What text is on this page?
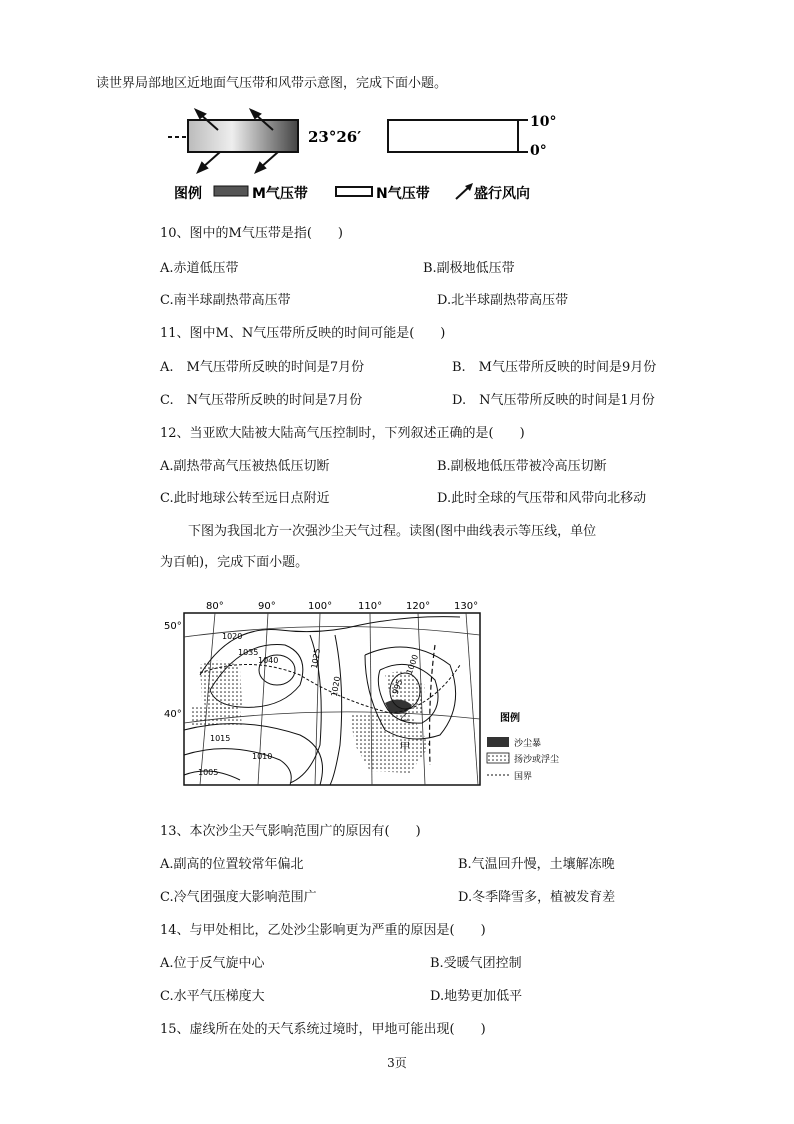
读世界局部地区近地面气压带和风带示意图，完成下面小题。
23°26′
10°
0°
图例	M气压带	N气压带	盛行风向
10、图中的M气压带是指(　　)
A.赤道低压带	B.副极地低压带
C.南半球副热带高压带	D.北半球副热带高压带
11、图中M、N气压带所反映的时间可能是(　　)
A.　M气压带所反映的时间是7月份	B.　M气压带所反映的时间是9月份
C.　N气压带所反映的时间是7月份	D.　N气压带所反映的时间是1月份
12、当亚欧大陆被大陆高气压控制时，下列叙述正确的是(　　)
A.副热带高气压被热低压切断	B.副极地低压带被冷高压切断
C.此时地球公转至远日点附近	D.此时全球的气压带和风带向北移动
下图为我国北方一次强沙尘天气过程。读图(图中曲线表示等压线，单位
为百帕)，完成下面小题。
80°	90°	100°	110° 120° 130°
50°
40°
1020
1035
1040	1025
1020
1000
995
1015
1010
1005
甲
乙	图例
沙尘暴
扬沙或浮尘
国界
13、本次沙尘天气影响范围广的原因有(　　)
A.副高的位置较常年偏北	B.气温回升慢，土壤解冻晚
C.冷气团强度大影响范围广	D.冬季降雪多，植被发育差
14、与甲处相比，乙处沙尘影响更为严重的原因是(　　)
A.位于反气旋中心	B.受暖气团控制
C.水平气压梯度大	D.地势更加低平
15、虚线所在处的天气系统过境时，甲地可能出现(　　)
3页
